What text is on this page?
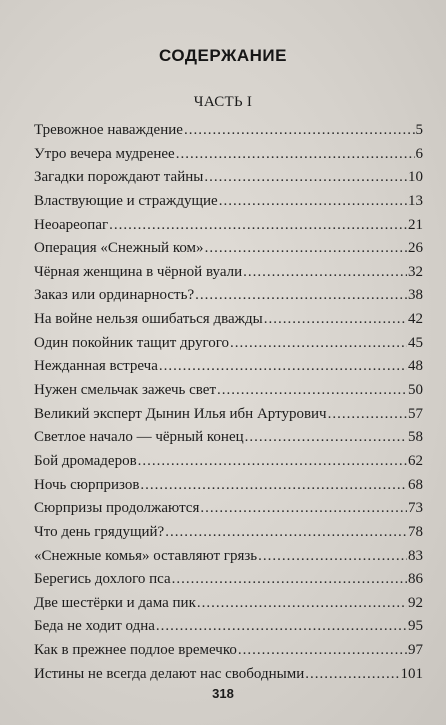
СОДЕРЖАНИЕ
ЧАСТЬ I
Тревожное наваждение .....	5
Утро вечера мудренее .....	6
Загадки порождают тайны .....	10
Властвующие и страждущие .....	13
Неоареопаг .....	21
Операция «Снежный ком» .....	26
Чёрная женщина в чёрной вуали .....	32
Заказ или ординарность? .....	38
На войне нельзя ошибаться дважды .....	42
Один покойник тащит другого .....	45
Нежданная встреча .....	48
Нужен смельчак зажечь свет .....	50
Великий эксперт Дынин Илья ибн Артурович .....	57
Светлое начало — чёрный конец .....	58
Бой дромадеров .....	62
Ночь сюрпризов .....	68
Сюрпризы продолжаются .....	73
Что день грядущий? .....	78
«Снежные комья» оставляют грязь .....	83
Берегись дохлого пса .....	86
Две шестёрки и дама пик .....	92
Беда не ходит одна .....	95
Как в прежнее подлое времечко .....	97
Истины не всегда делают нас свободными .....	101
318
